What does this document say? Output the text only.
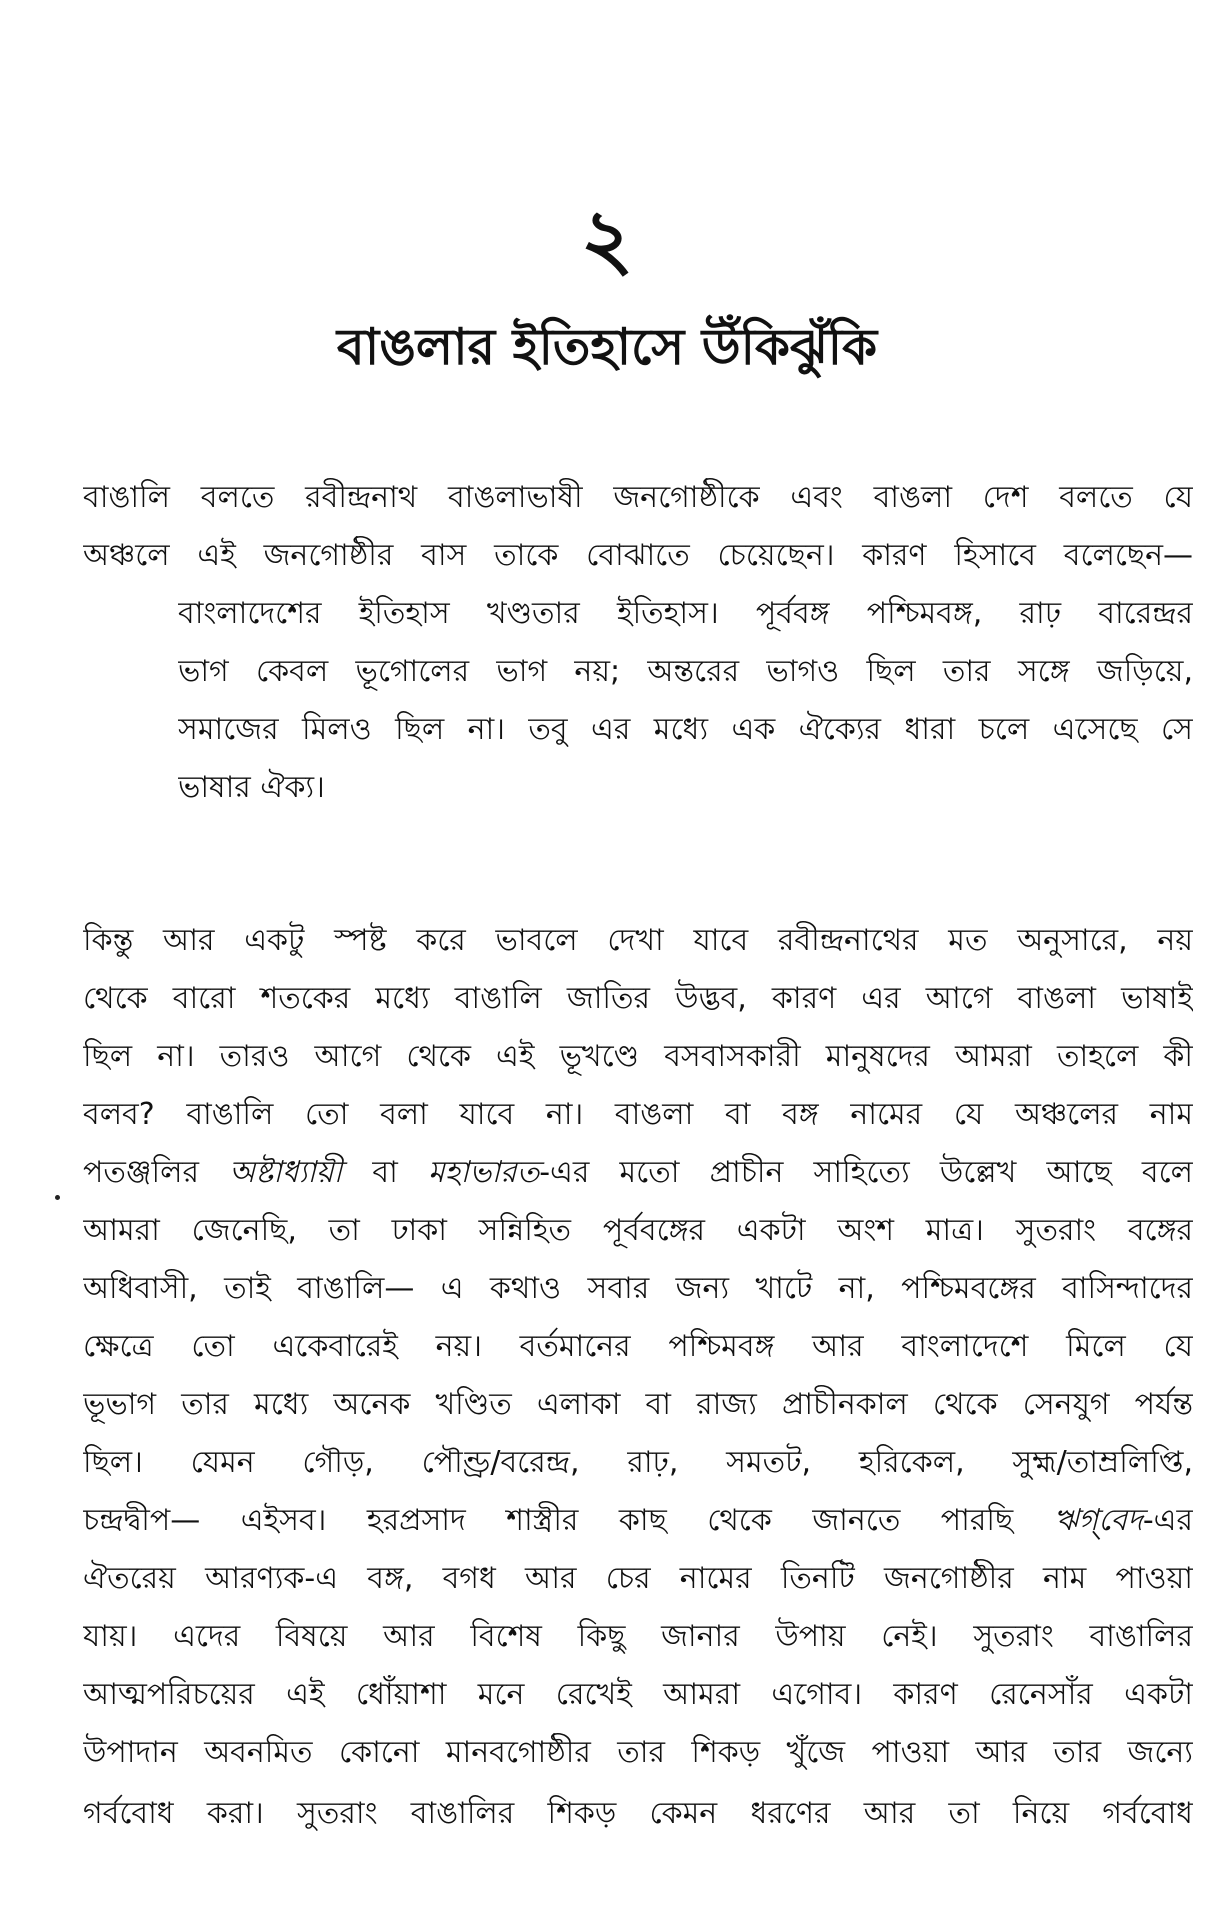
২
বাঙলার ইতিহাসে উঁকিঝুঁকি
বাঙালি বলতে রবীন্দ্রনাথ বাঙলাভাষী জনগোষ্ঠীকে এবং বাঙলা দেশ বলতে যে
অঞ্চলে এই জনগোষ্ঠীর বাস তাকে বোঝাতে চেয়েছেন। কারণ হিসাবে বলেছেন—
বাংলাদেশের ইতিহাস খণ্ডতার ইতিহাস। পূর্ববঙ্গ পশ্চিমবঙ্গ, রাঢ় বারেন্দ্রর
ভাগ কেবল ভূগোলের ভাগ নয়; অন্তরের ভাগও ছিল তার সঙ্গে জড়িয়ে,
সমাজের মিলও ছিল না। তবু এর মধ্যে এক ঐক্যের ধারা চলে এসেছে সে
ভাষার ঐক্য।
কিন্তু আর একটু স্পষ্ট করে ভাবলে দেখা যাবে রবীন্দ্রনাথের মত অনুসারে, নয়
থেকে বারো শতকের মধ্যে বাঙালি জাতির উদ্ভব, কারণ এর আগে বাঙলা ভাষাই
ছিল না। তারও আগে থেকে এই ভূখণ্ডে বসবাসকারী মানুষদের আমরা তাহলে কী
বলব? বাঙালি তো বলা যাবে না। বাঙলা বা বঙ্গ নামের যে অঞ্চলের নাম
পতঞ্জলির অষ্টাধ্যায়ী বা মহাভারত-এর মতো প্রাচীন সাহিত্যে উল্লেখ আছে বলে
আমরা জেনেছি, তা ঢাকা সন্নিহিত পূর্ববঙ্গের একটা অংশ মাত্র। সুতরাং বঙ্গের
অধিবাসী, তাই বাঙালি— এ কথাও সবার জন্য খাটে না, পশ্চিমবঙ্গের বাসিন্দাদের
ক্ষেত্রে তো একেবারেই নয়। বর্তমানের পশ্চিমবঙ্গ আর বাংলাদেশে মিলে যে
ভূভাগ তার মধ্যে অনেক খণ্ডিত এলাকা বা রাজ্য প্রাচীনকাল থেকে সেনযুগ পর্যন্ত
ছিল। যেমন গৌড়, পৌণ্ড্র/বরেন্দ্র, রাঢ়, সমতট, হরিকেল, সুহ্ম/তাম্রলিপ্তি,
চন্দ্রদ্বীপ— এইসব। হরপ্রসাদ শাস্ত্রীর কাছ থেকে জানতে পারছি ঋগ্‌বেদ-এর
ঐতরেয় আরণ্যক-এ বঙ্গ, বগধ আর চের নামের তিনটি জনগোষ্ঠীর নাম পাওয়া
যায়। এদের বিষয়ে আর বিশেষ কিছু জানার উপায় নেই। সুতরাং বাঙালির
আত্মপরিচয়ের এই ধোঁয়াশা মনে রেখেই আমরা এগোব। কারণ রেনেসাঁর একটা
উপাদান অবনমিত কোনো মানবগোষ্ঠীর তার শিকড় খুঁজে পাওয়া আর তার জন্যে
গর্ববোধ করা। সুতরাং বাঙালির শিকড় কেমন ধরণের আর তা নিয়ে গর্ববোধ
